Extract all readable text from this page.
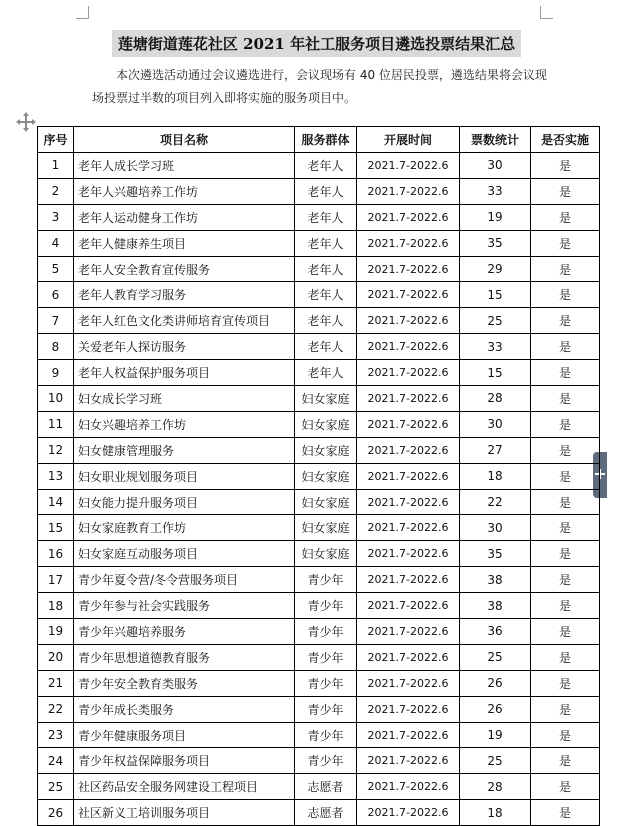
莲塘街道莲花社区 2021 年社工服务项目遴选投票结果汇总
本次遴选活动通过会议遴选进行，会议现场有 40 位居民投票，遴选结果将会议现场投票过半数的项目列入即将实施的服务项目中。
序号	项目名称	服务群体	开展时间	票数统计	是否实施
1	老年人成长学习班	老年人	2021.7-2022.6	30	是
2	老年人兴趣培养工作坊	老年人	2021.7-2022.6	33	是
3	老年人运动健身工作坊	老年人	2021.7-2022.6	19	是
4	老年人健康养生项目	老年人	2021.7-2022.6	35	是
5	老年人安全教育宣传服务	老年人	2021.7-2022.6	29	是
6	老年人教育学习服务	老年人	2021.7-2022.6	15	是
7	老年人红色文化类讲师培育宣传项目	老年人	2021.7-2022.6	25	是
8	关爱老年人探访服务	老年人	2021.7-2022.6	33	是
9	老年人权益保护服务项目	老年人	2021.7-2022.6	15	是
10	妇女成长学习班	妇女家庭	2021.7-2022.6	28	是
11	妇女兴趣培养工作坊	妇女家庭	2021.7-2022.6	30	是
12	妇女健康管理服务	妇女家庭	2021.7-2022.6	27	是
13	妇女职业规划服务项目	妇女家庭	2021.7-2022.6	18	是
14	妇女能力提升服务项目	妇女家庭	2021.7-2022.6	22	是
15	妇女家庭教育工作坊	妇女家庭	2021.7-2022.6	30	是
16	妇女家庭互动服务项目	妇女家庭	2021.7-2022.6	35	是
17	青少年夏令营/冬令营服务项目	青少年	2021.7-2022.6	38	是
18	青少年参与社会实践服务	青少年	2021.7-2022.6	38	是
19	青少年兴趣培养服务	青少年	2021.7-2022.6	36	是
20	青少年思想道德教育服务	青少年	2021.7-2022.6	25	是
21	青少年安全教育类服务	青少年	2021.7-2022.6	26	是
22	青少年成长类服务	青少年	2021.7-2022.6	26	是
23	青少年健康服务项目	青少年	2021.7-2022.6	19	是
24	青少年权益保障服务项目	青少年	2021.7-2022.6	25	是
25	社区药品安全服务网建设工程项目	志愿者	2021.7-2022.6	28	是
26	社区新义工培训服务项目	志愿者	2021.7-2022.6	18	是
